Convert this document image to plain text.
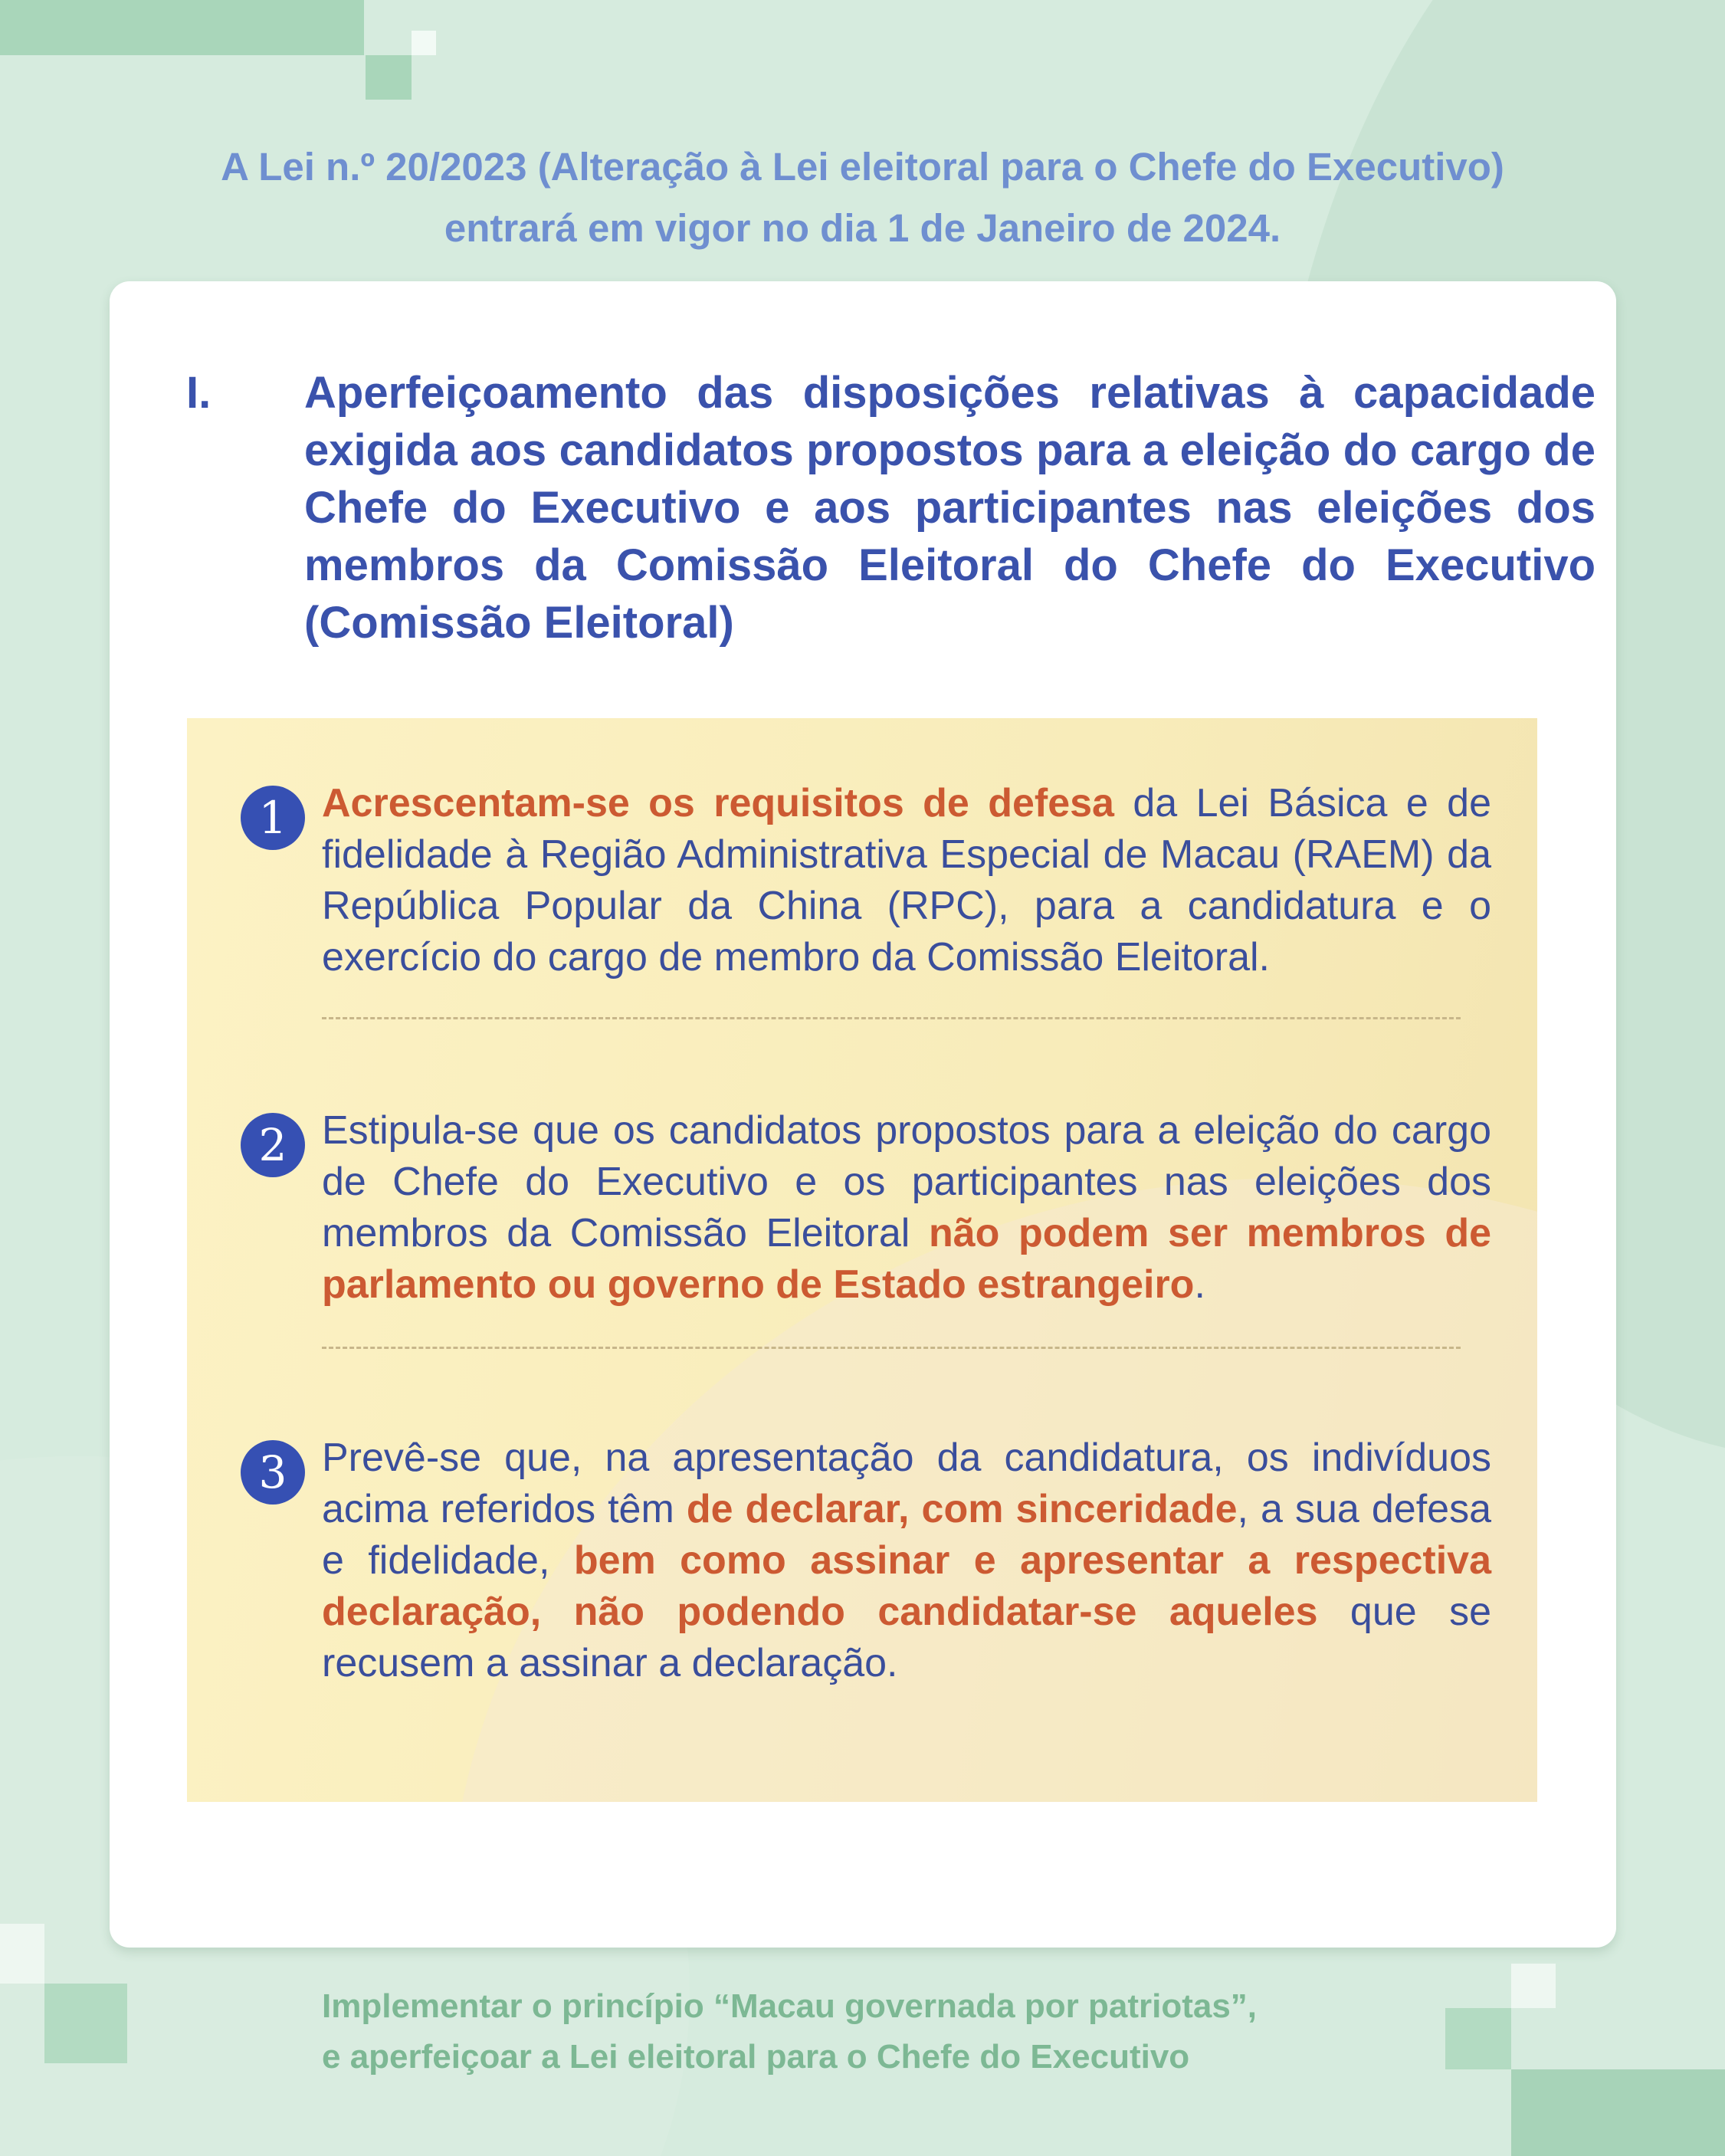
A Lei n.º 20/2023 (Alteração à Lei eleitoral para o Chefe do Executivo)
entrará em vigor no dia 1 de Janeiro de 2024.
I.	Aperfeiçoamento das disposições relativas à capacidade exigida aos candidatos propostos para a eleição do cargo de Chefe do Executivo e aos participantes nas eleições dos membros da Comissão Eleitoral do Chefe do Executivo (Comissão Eleitoral)

1 Acrescentam-se os requisitos de defesa da Lei Básica e de fidelidade à Região Administrativa Especial de Macau (RAEM) da República Popular da China (RPC), para a candidatura e o exercício do cargo de membro da Comissão Eleitoral.

2 Estipula-se que os candidatos propostos para a eleição do cargo de Chefe do Executivo e os participantes nas eleições dos membros da Comissão Eleitoral não podem ser membros de parlamento ou governo de Estado estrangeiro.

3 Prevê-se que, na apresentação da candidatura, os indivíduos acima referidos têm de declarar, com sinceridade, a sua defesa e fidelidade, bem como assinar e apresentar a respectiva declaração, não podendo candidatar-se aqueles que se recusem a assinar a declaração.

Implementar o princípio “Macau governada por patriotas”,
e aperfeiçoar a Lei eleitoral para o Chefe do Executivo
